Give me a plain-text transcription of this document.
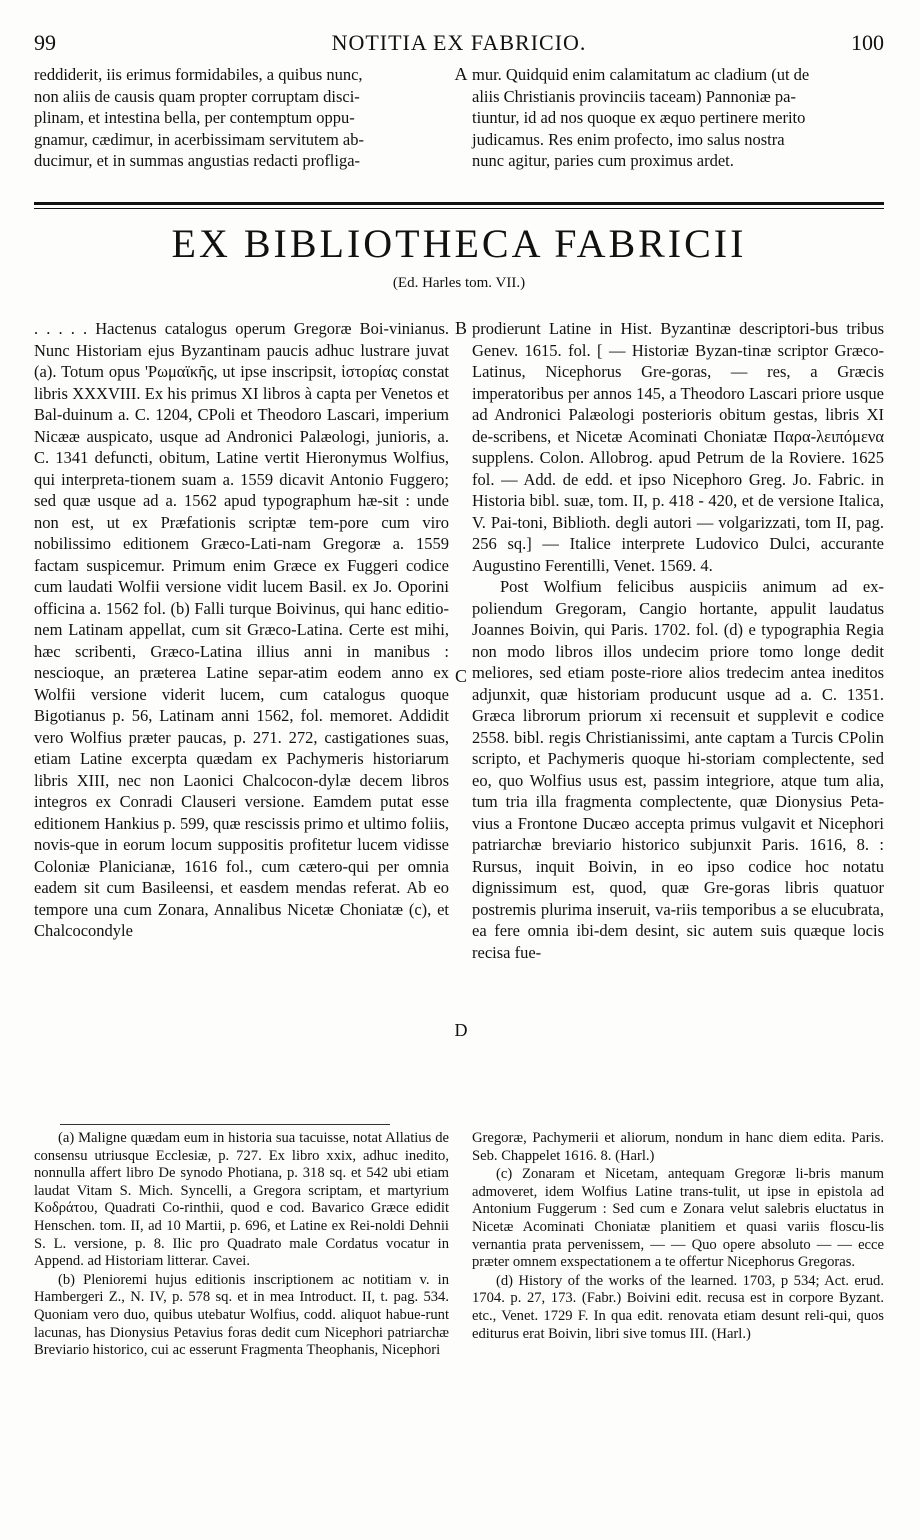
99	NOTITIA EX FABRICIO.	100
reddiderit, iis erimus formidabiles, a quibus nunc,
non aliis de causis quam propter corruptam disci-
plinam, et intestina bella, per contemptum oppu-
gnamur, cædimur, in acerbissimam servitutem ab-
ducimur, et in summas angustias redacti profliga-
A mur. Quidquid enim calamitatum ac cladium (ut de
aliis Christianis provinciis taceam) Pannoniæ pa-
tiuntur, id ad nos quoque ex æquo pertinere merito
judicamus. Res enim profecto, imo salus nostra
nunc agitur, paries cum proximus ardet.
EX BIBLIOTHECA FABRICII
(Ed. Harles tom. VII.)

. . . . . Hactenus catalogus operum Gregoræ Boi-vinianus. Nunc Historiam ejus Byzantinam paucis adhuc lustrare juvat (a). Totum opus 'Ρωμαϊκῆς, ut ipse inscripsit, ἱστορίας constat libris XXXVIII. Ex his primus XI libros à capta per Venetos et Bal-duinum a. C. 1204, CPoli et Theodoro Lascari, imperium Nicææ auspicato, usque ad Andronici Palæologi, junioris, a. C. 1341 defuncti, obitum, Latine vertit Hieronymus Wolfius, qui interpreta-tionem suam a. 1559 dicavit Antonio Fuggero; sed quæ usque ad a. 1562 apud typographum hæ-sit : unde non est, ut ex Præfationis scriptæ tem-pore cum viro nobilissimo editionem Græco-Lati-nam Gregoræ a. 1559 factam suspicemur. Primum enim Græce ex Fuggeri codice cum laudati Wolfii versione vidit lucem Basil. ex Jo. Oporini officina a. 1562 fol. (b) Falli turque Boivinus, qui hanc editio-nem Latinam appellat, cum sit Græco-Latina. Certe est mihi, hæc scribenti, Græco-Latina illius anni in manibus : nescioque, an præterea Latine separ-atim eodem anno ex Wolfii versione viderit lucem, cum catalogus quoque Bigotianus p. 56, Latinam anni 1562, fol. memoret. Addidit vero Wolfius præter paucas, p. 271. 272, castigationes suas, etiam Latine excerpta quædam ex Pachymeris historiarum libris XIII, nec non Laonici Chalcocon-dylæ decem libros integros ex Conradi Clauseri versione. Eamdem putat esse editionem Hankius p. 599, quæ rescissis primo et ultimo foliis, novis-que in eorum locum suppositis profitetur lucem vidisse Coloniæ Planicianæ, 1616 fol., cum cætero-qui per omnia eadem sit cum Basileensi, et easdem mendas referat. Ab eo tempore una cum Zonara, Annalibus Nicetæ Choniatæ (c), et Chalcocondyle

B
C
D

prodierunt Latine in Hist. Byzantinæ descriptori-bus tribus Genev. 1615. fol. [ — Historiæ Byzan-tinæ scriptor Græco-Latinus, Nicephorus Gre-goras, — res, a Græcis imperatoribus per annos 145, a Theodoro Lascari priore usque ad Andronici Palæologi posterioris obitum gestas, libris XI de-scribens, et Nicetæ Acominati Choniatæ Παρα-λειπόμενα supplens. Colon. Allobrog. apud Petrum de la Roviere. 1625 fol. — Add. de edd. et ipso Nicephoro Greg. Jo. Fabric. in Historia bibl. suæ, tom. II, p. 418 - 420, et de versione Italica, V. Pai-toni, Biblioth. degli autori — volgarizzati, tom II, pag. 256 sq.] — Italice interprete Ludovico Dulci, accurante Augustino Ferentilli, Venet. 1569. 4.

Post Wolfium felicibus auspiciis animum ad ex-poliendum Gregoram, Cangio hortante, appulit laudatus Joannes Boivin, qui Paris. 1702. fol. (d) e typographia Regia non modo libros illos undecim priore tomo longe dedit meliores, sed etiam poste-riore alios tredecim antea ineditos adjunxit, quæ historiam producunt usque ad a. C. 1351. Græca librorum priorum xi recensuit et supplevit e codice 2558. bibl. regis Christianissimi, ante captam a Turcis CPolin scripto, et Pachymeris quoque hi-storiam complectente, sed eo, quo Wolfius usus est, passim integriore, atque tum alia, tum tria illa fragmenta complectente, quæ Dionysius Peta-vius a Frontone Ducæo accepta primus vulgavit et Nicephori patriarchæ breviario historico subjunxit Paris. 1616, 8. : Rursus, inquit Boivin, in eo ipso codice hoc notatu dignissimum est, quod, quæ Gre-goras libris quatuor postremis plurima inseruit, va-riis temporibus a se elucubrata, ea fere omnia ibi-dem desint, sic autem suis quæque locis recisa fue-

(a) Maligne quædam eum in historia sua tacuisse, notat Allatius de consensu utriusque Ecclesiæ, p. 727. Ex libro xxix, adhuc inedito, nonnulla affert libro De synodo Photiana, p. 318 sq. et 542 ubi etiam laudat Vitam S. Mich. Syncelli, a Gregora scriptam, et martyrium Κοδράτου, Quadrati Co-rinthii, quod e cod. Bavarico Græce edidit Henschen. tom. II, ad 10 Martii, p. 696, et Latine ex Rei-noldi Dehnii S. L. versione, p. 8. Ilic pro Quadrato male Cordatus vocatur in Append. ad Historiam litterar. Cavei.

(b) Plenioremi hujus editionis inscriptionem ac notitiam v. in Hambergeri Z., N. IV, p. 578 sq. et in mea Introduct. II, t. pag. 534. Quoniam vero duo, quibus utebatur Wolfius, codd. aliquot habue-runt lacunas, has Dionysius Petavius foras dedit cum Nicephori patriarchæ Breviario historico, cui ac esserunt Fragmenta Theophanis, Nicephori

Gregoræ, Pachymerii et aliorum, nondum in hanc diem edita. Paris. Seb. Chappelet 1616. 8. (Harl.)

(c) Zonaram et Nicetam, antequam Gregoræ li-bris manum admoveret, idem Wolfius Latine trans-tulit, ut ipse in epistola ad Antonium Fuggerum : Sed cum e Zonara velut salebris eluctatus in Nicetæ Acominati Choniatæ planitiem et quasi variis floscu-lis vernantia prata pervenissem, — — Quo opere absoluto — — ecce præter omnem exspectationem a te offertur Nicephorus Gregoras.

(d) History of the works of the learned. 1703, p 534; Act. erud. 1704. p. 27, 173. (Fabr.) Boivini edit. recusa est in corpore Byzant. etc., Venet. 1729 F. In qua edit. renovata etiam desunt reli-qui, quos editurus erat Boivin, libri sive tomus III. (Harl.)
